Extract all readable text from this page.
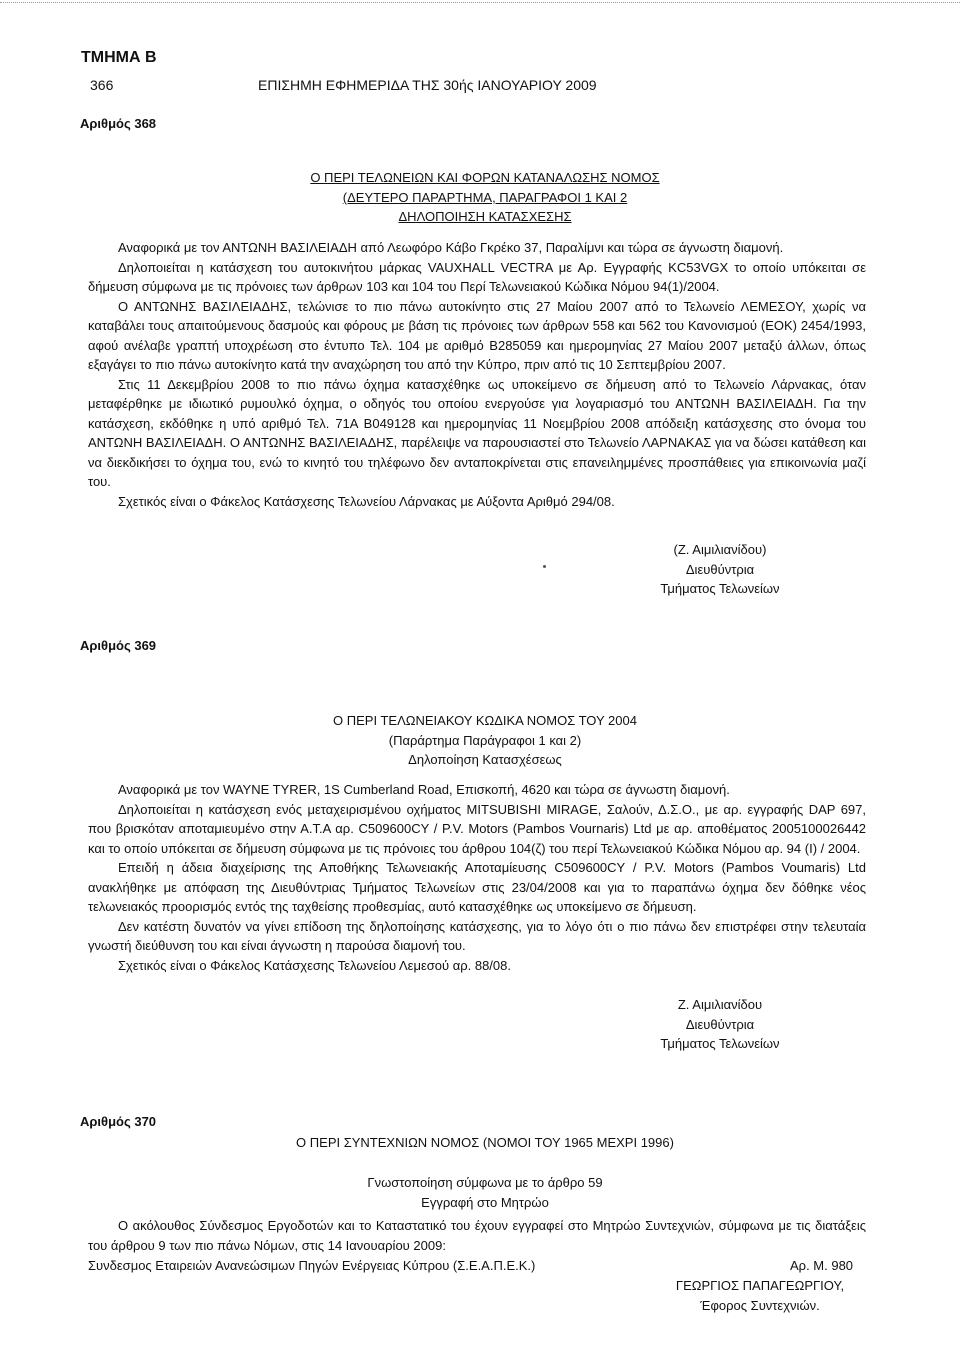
ΤΜΗΜΑ Β
366	ΕΠΙΣΗΜΗ ΕΦΗΜΕΡΙΔΑ ΤΗΣ 30ής ΙΑΝΟΥΑΡΙΟΥ 2009
Αριθμός 368
Ο ΠΕΡΙ ΤΕΛΩΝΕΙΩΝ ΚΑΙ ΦΟΡΩΝ ΚΑΤΑΝΑΛΩΣΗΣ ΝΟΜΟΣ
(ΔΕΥΤΕΡΟ ΠΑΡΑΡΤΗΜΑ, ΠΑΡΑΓΡΑΦΟΙ 1 ΚΑΙ 2
ΔΗΛΟΠΟΙΗΣΗ ΚΑΤΑΣΧΕΣΗΣ

Αναφορικά με τον ΑΝΤΩΝΗ ΒΑΣΙΛΕΙΑΔΗ από Λεωφόρο Κάβο Γκρέκο 37, Παραλίμνι και τώρα σε άγνωστη διαμονή.

Δηλοποιείται η κατάσχεση του αυτοκινήτου μάρκας VAUXHALL VECTRA με Αρ. Εγγραφής KC53VGX το οποίο υπόκειται σε δήμευση σύμφωνα με τις πρόνοιες των άρθρων 103 και 104 του Περί Τελωνειακού Κώδικα Νόμου 94(1)/2004.

Ο ΑΝΤΩΝΗΣ ΒΑΣΙΛΕΙΑΔΗΣ, τελώνισε το πιο πάνω αυτοκίνητο στις 27 Μαίου 2007 από το Τελωνείο ΛΕΜΕΣΟΥ, χωρίς να καταβάλει τους απαιτούμενους δασμούς και φόρους με βάση τις πρόνοιες των άρθρων 558 και 562 του Κανονισμού (ΕΟΚ) 2454/1993, αφού ανέλαβε γραπτή υποχρέωση στο έντυπο Τελ. 104 με αριθμό Β285059 και ημερομηνίας 27 Μαίου 2007 μεταξύ άλλων, όπως εξαγάγει το πιο πάνω αυτοκίνητο κατά την αναχώρηση του από την Κύπρο, πριν από τις 10 Σεπτεμβρίου 2007.

Στις 11 Δεκεμβρίου 2008 το πιο πάνω όχημα κατασχέθηκε ως υποκείμενο σε δήμευση από το Τελωνείο Λάρνακας, όταν μεταφέρθηκε με ιδιωτικό ρυμουλκό όχημα, ο οδηγός του οποίου ενεργούσε για λογαριασμό του ΑΝΤΩΝΗ ΒΑΣΙΛΕΙΑΔΗ. Για την κατάσχεση, εκδόθηκε η υπό αριθμό Τελ. 71Α Β049128 και ημερομηνίας 11 Νοεμβρίου 2008 απόδειξη κατάσχεσης στο όνομα του ΑΝΤΩΝΗ ΒΑΣΙΛΕΙΑΔΗ. Ο ΑΝΤΩΝΗΣ ΒΑΣΙΛΕΙΑΔΗΣ, παρέλειψε να παρουσιαστεί στο Τελωνείο ΛΑΡΝΑΚΑΣ για να δώσει κατάθεση και να διεκδικήσει το όχημα του, ενώ το κινητό του τηλέφωνο δεν ανταποκρίνεται στις επανειλημμένες προσπάθειες για επικοινωνία μαζί του.

Σχετικός είναι ο Φάκελος Κατάσχεσης Τελωνείου Λάρνακας με Αύξοντα Αριθμό 294/08.

(Ζ. Αιμιλιανίδου)
Διευθύντρια
Τμήματος Τελωνείων
Αριθμός 369
Ο ΠΕΡΙ ΤΕΛΩΝΕΙΑΚΟΥ ΚΩΔΙΚΑ ΝΟΜΟΣ ΤΟΥ 2004
(Παράρτημα Παράγραφοι 1 και 2)
Δηλοποίηση Κατασχέσεως

Αναφορικά με τον WAYNE TYRER, 1S Cumberland Road, Επισκοπή, 4620 και τώρα σε άγνωστη διαμονή.

Δηλοποιείται η κατάσχεση ενός μεταχειρισμένου οχήματος MITSUBISHI MIRAGE, Σαλούν, Δ.Σ.Ο., με αρ. εγγραφής DAP 697, που βρισκόταν αποταμιευμένο στην Α.Τ.Α αρ. C509600CY / P.V. Motors (Pambos Vournaris) Ltd με αρ. αποθέματος 2005100026442 και το οποίο υπόκειται σε δήμευση σύμφωνα με τις πρόνοιες του άρθρου 104(ζ) του περί Τελωνειακού Κώδικα Νόμου αρ. 94 (Ι) / 2004.

Επειδή η άδεια διαχείρισης της Αποθήκης Τελωνειακής Αποταμίευσης C509600CY / P.V. Motors (Pambos Voumaris) Ltd ανακλήθηκε με απόφαση της Διευθύντριας Τμήματος Τελωνείων στις 23/04/2008 και για το παραπάνω όχημα δεν δόθηκε νέος τελωνειακός προορισμός εντός της ταχθείσης προθεσμίας, αυτό κατασχέθηκε ως υποκείμενο σε δήμευση.

Δεν κατέστη δυνατόν να γίνει επίδοση της δηλοποίησης κατάσχεσης, για το λόγο ότι ο πιο πάνω δεν επιστρέφει στην τελευταία γνωστή διεύθυνση του και είναι άγνωστη η παρούσα διαμονή του.

Σχετικός είναι ο Φάκελος Κατάσχεσης Τελωνείου Λεμεσού αρ. 88/08.

Ζ. Αιμιλιανίδου
Διευθύντρια
Τμήματος Τελωνείων
Αριθμός 370
Ο ΠΕΡΙ ΣΥΝΤΕΧΝΙΩΝ ΝΟΜΟΣ (ΝΟΜΟΙ ΤΟΥ 1965 ΜΕΧΡΙ 1996)
Γνωστοποίηση σύμφωνα με το άρθρο 59
Εγγραφή στο Μητρώο

Ο ακόλουθος Σύνδεσμος Εργοδοτών και το Καταστατικό του έχουν εγγραφεί στο Μητρώο Συντεχνιών, σύμφωνα με τις διατάξεις του άρθρου 9 των πιο πάνω Νόμων, στις 14 Ιανουαρίου 2009:

Συνδεσμος Εταιρειών Ανανεώσιμων Πηγών Ενέργειας Κύπρου (Σ.Ε.Α.Π.Ε.Κ.)	Αρ. Μ. 980
ΓΕΩΡΓΙΟΣ ΠΑΠΑΓΕΩΡΓΙΟΥ,
Έφορος Συντεχνιών.
